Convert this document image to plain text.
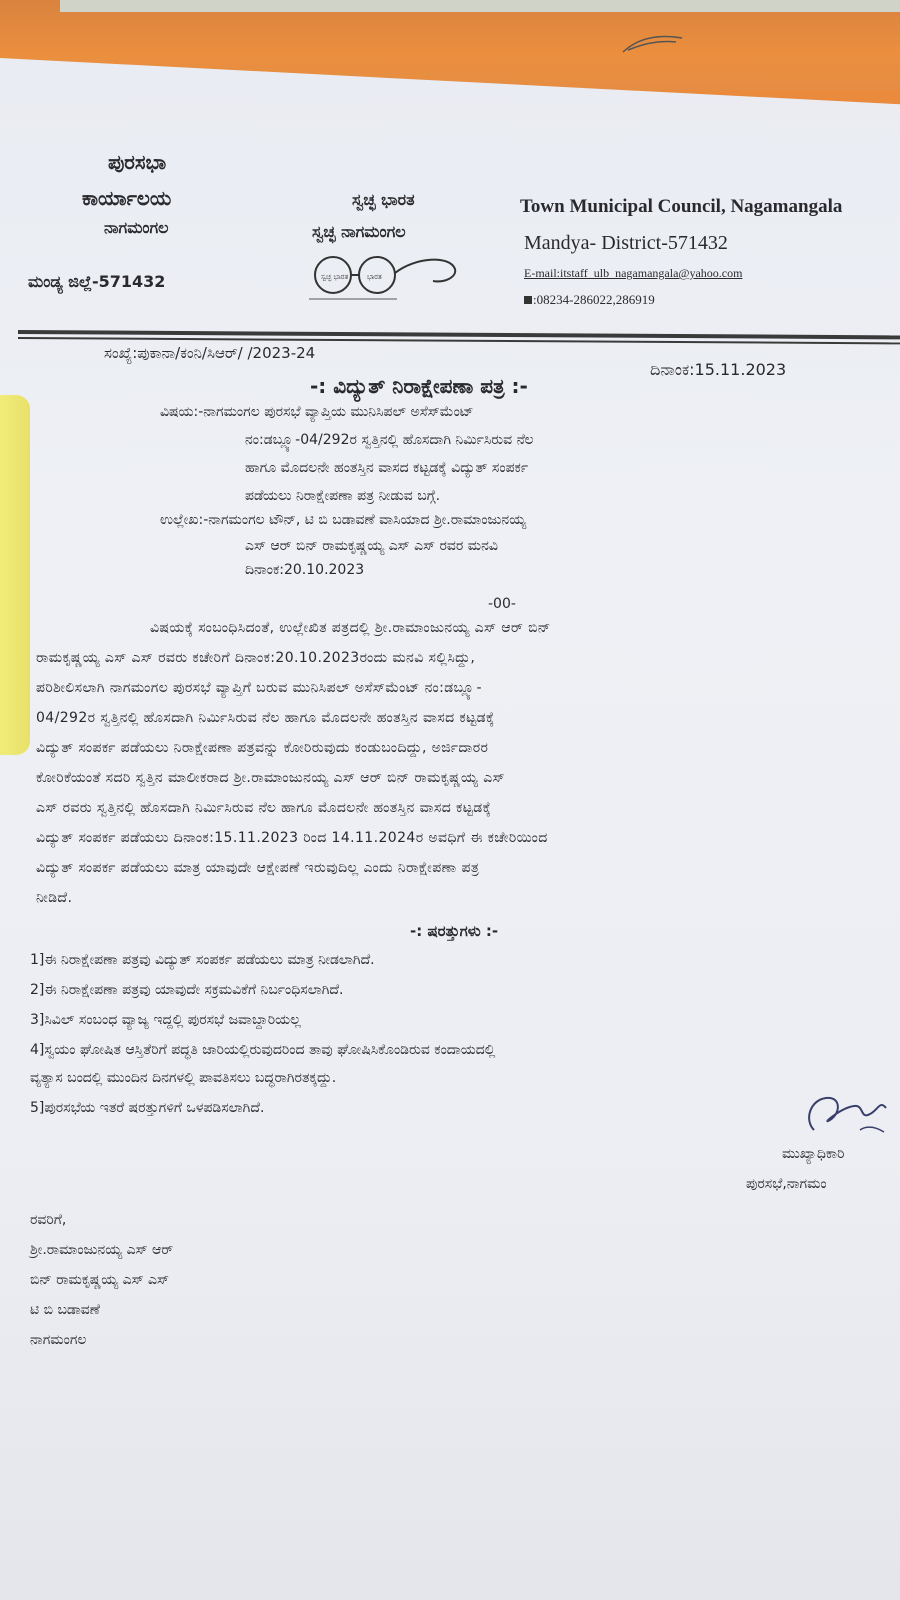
ಪುರಸಭಾ
ಕಾರ್ಯಾಲಯ
ನಾಗಮಂಗಲ
ಮಂಡ್ಯ ಜಿಲ್ಲೆ-571432
ಸ್ವಚ್ಛ ಭಾರತ
ಸ್ವಚ್ಛ ನಾಗಮಂಗಲ
ಸ್ವಚ್ಛ ಭಾರತ	ಭಾರತ
Town Municipal Council, Nagamangala
Mandya- District-571432
E-mail:itstaff_ulb_nagamangala@yahoo.com
:08234-286022,286919
ಸಂಖ್ಯೆ:ಪುಕಾನಾ/ಕಂನಿ/ಸಿಆರ್/ /2023-24
ದಿನಾಂಕ:15.11.2023
-: ವಿದ್ಯುತ್ ನಿರಾಕ್ಷೇಪಣಾ ಪತ್ರ :-
ವಿಷಯ:-ನಾಗಮಂಗಲ ಪುರಸಭೆ ವ್ಯಾಪ್ತಿಯ ಮುನಿಸಿಪಲ್ ಅಸೆಸ್‌ಮೆಂಟ್
ನಂ:ಡಬ್ಲ್ಯೂ-04/292ರ ಸ್ವತ್ತಿನಲ್ಲಿ ಹೊಸದಾಗಿ ನಿರ್ಮಿಸಿರುವ ನೆಲ
ಹಾಗೂ ಮೊದಲನೇ ಹಂತಸ್ತಿನ ವಾಸದ ಕಟ್ಟಡಕ್ಕೆ ವಿದ್ಯುತ್ ಸಂಪರ್ಕ
ಪಡೆಯಲು ನಿರಾಕ್ಷೇಪಣಾ ಪತ್ರ ನೀಡುವ ಬಗ್ಗೆ.
ಉಲ್ಲೇಖ:-ನಾಗಮಂಗಲ ಟೌನ್, ಟಿ ಬಿ ಬಡಾವಣೆ ವಾಸಿಯಾದ ಶ್ರೀ.ರಾಮಾಂಜುನಯ್ಯ
ಎಸ್ ಆರ್ ಬಿನ್ ರಾಮಕೃಷ್ಣಯ್ಯ ಎಸ್ ಎಸ್ ರವರ ಮನವಿ
ದಿನಾಂಕ:20.10.2023
-00-
ವಿಷಯಕ್ಕೆ ಸಂಬಂಧಿಸಿದಂತೆ, ಉಲ್ಲೇಖಿತ ಪತ್ರದಲ್ಲಿ ಶ್ರೀ.ರಾಮಾಂಜುನಯ್ಯ ಎಸ್ ಆರ್ ಬಿನ್
ರಾಮಕೃಷ್ಣಯ್ಯ ಎಸ್ ಎಸ್ ರವರು ಕಚೇರಿಗೆ ದಿನಾಂಕ:20.10.2023ರಂದು ಮನವಿ ಸಲ್ಲಿಸಿದ್ದು,
ಪರಿಶೀಲಿಸಲಾಗಿ ನಾಗಮಂಗಲ ಪುರಸಭೆ ವ್ಯಾಪ್ತಿಗೆ ಬರುವ ಮುನಿಸಿಪಲ್ ಅಸೆಸ್‌ಮೆಂಟ್ ನಂ:ಡಬ್ಲ್ಯೂ-
04/292ರ ಸ್ವತ್ತಿನಲ್ಲಿ ಹೊಸದಾಗಿ ನಿರ್ಮಿಸಿರುವ ನೆಲ ಹಾಗೂ ಮೊದಲನೇ ಹಂತಸ್ತಿನ ವಾಸದ ಕಟ್ಟಡಕ್ಕೆ
ವಿದ್ಯುತ್ ಸಂಪರ್ಕ ಪಡೆಯಲು ನಿರಾಕ್ಷೇಪಣಾ ಪತ್ರವನ್ನು ಕೋರಿರುವುದು ಕಂಡುಬಂದಿದ್ದು, ಅರ್ಜಿದಾರರ
ಕೋರಿಕೆಯಂತೆ ಸದರಿ ಸ್ವತ್ತಿನ ಮಾಲೀಕರಾದ ಶ್ರೀ.ರಾಮಾಂಜುನಯ್ಯ ಎಸ್ ಆರ್ ಬಿನ್ ರಾಮಕೃಷ್ಣಯ್ಯ ಎಸ್
ಎಸ್ ರವರು ಸ್ವತ್ತಿನಲ್ಲಿ ಹೊಸದಾಗಿ ನಿರ್ಮಿಸಿರುವ ನೆಲ ಹಾಗೂ ಮೊದಲನೇ ಹಂತಸ್ತಿನ ವಾಸದ ಕಟ್ಟಡಕ್ಕೆ
ವಿದ್ಯುತ್ ಸಂಪರ್ಕ ಪಡೆಯಲು ದಿನಾಂಕ:15.11.2023 ರಿಂದ 14.11.2024ರ ಅವಧಿಗೆ ಈ ಕಚೇರಿಯಿಂದ
ವಿದ್ಯುತ್ ಸಂಪರ್ಕ ಪಡೆಯಲು ಮಾತ್ರ ಯಾವುದೇ ಆಕ್ಷೇಪಣೆ ಇರುವುದಿಲ್ಲ ಎಂದು ನಿರಾಕ್ಷೇಪಣಾ ಪತ್ರ
ನೀಡಿದೆ.
-: ಷರತ್ತುಗಳು :-
1]ಈ ನಿರಾಕ್ಷೇಪಣಾ ಪತ್ರವು ವಿದ್ಯುತ್ ಸಂಪರ್ಕ ಪಡೆಯಲು ಮಾತ್ರ ನೀಡಲಾಗಿದೆ.
2]ಈ ನಿರಾಕ್ಷೇಪಣಾ ಪತ್ರವು ಯಾವುದೇ ಸಕ್ರಮವಿಕೆಗೆ ನಿರ್ಬಂಧಿಸಲಾಗಿದೆ.
3]ಸಿವಿಲ್ ಸಂಬಂಧ ವ್ಯಾಜ್ಯ ಇದ್ದಲ್ಲಿ ಪುರಸಭೆ ಜವಾಬ್ದಾರಿಯಲ್ಲ
4]ಸ್ವಯಂ ಘೋಷಿತ ಆಸ್ತಿತೆರಿಗೆ ಪದ್ಧತಿ ಜಾರಿಯಲ್ಲಿರುವುದರಿಂದ ತಾವು ಘೋಷಿಸಿಕೊಂಡಿರುವ ಕಂದಾಯದಲ್ಲಿ
ವ್ಯತ್ಯಾಸ ಬಂದಲ್ಲಿ ಮುಂದಿನ ದಿನಗಳಲ್ಲಿ ಪಾವತಿಸಲು ಬದ್ಧರಾಗಿರತಕ್ಕದ್ದು.
5]ಪುರಸಭೆಯ ಇತರೆ ಷರತ್ತುಗಳಿಗೆ ಒಳಪಡಿಸಲಾಗಿದೆ.
ಮುಖ್ಯಾಧಿಕಾರಿ
ಪುರಸಭೆ,ನಾಗಮಂ
ರವರಿಗೆ,
ಶ್ರೀ.ರಾಮಾಂಜುನಯ್ಯ ಎಸ್ ಆರ್
ಬಿನ್ ರಾಮಕೃಷ್ಣಯ್ಯ ಎಸ್ ಎಸ್
ಟಿ ಬಿ ಬಡಾವಣೆ
ನಾಗಮಂಗಲ
